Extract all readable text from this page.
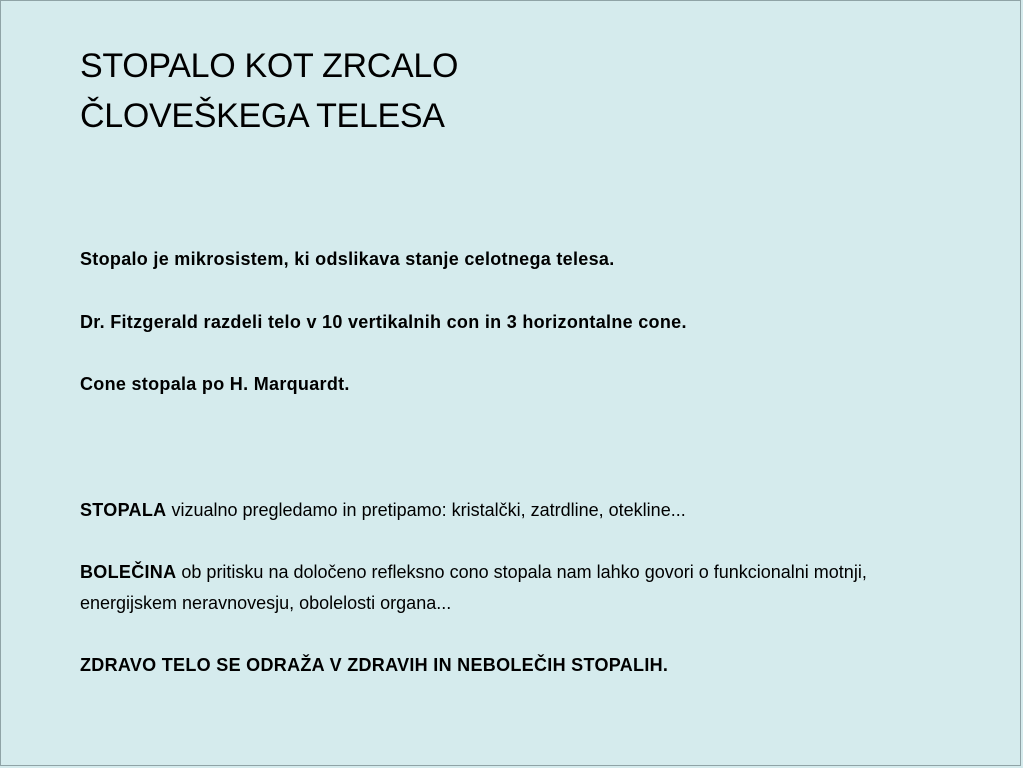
STOPALO KOT ZRCALO
ČLOVEŠKEGA TELESA

Stopalo je mikrosistem, ki odslikava stanje celotnega telesa.

Dr. Fitzgerald razdeli telo v 10 vertikalnih con in 3 horizontalne cone.

Cone stopala po H. Marquardt.

STOPALA vizualno pregledamo in pretipamo: kristalčki, zatrdline, otekline...

BOLEČINA ob pritisku na določeno refleksno cono stopala nam lahko govori o funkcionalni motnji, energijskem neravnovesju, obolelosti organa...

ZDRAVO TELO SE ODRAŽA V ZDRAVIH IN NEBOLEČIH STOPALIH.
